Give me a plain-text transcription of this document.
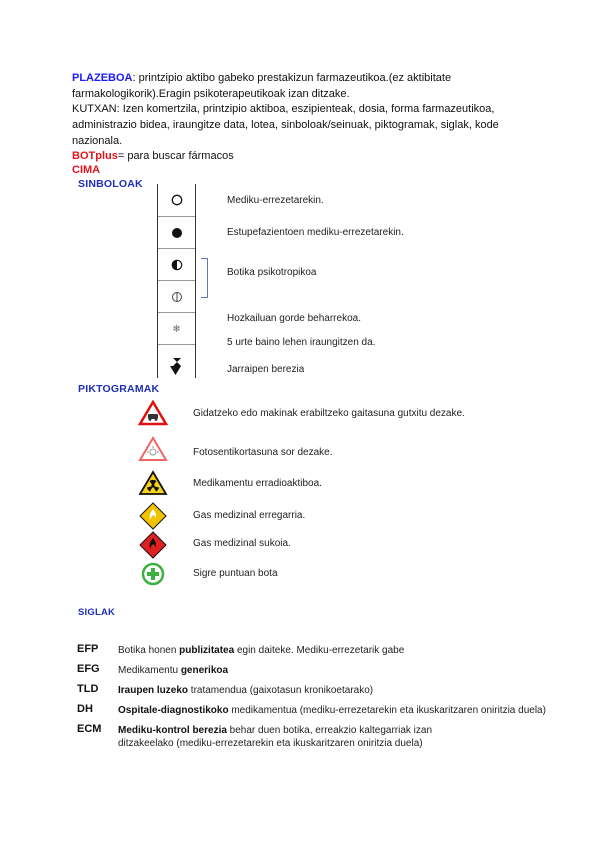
PLAZEBOA: printzipio aktibo gabeko prestakizun farmazeutikoa.(ez aktibitate farmakologikorik).Eragin psikoterapeutikoak izan ditzake.
KUTXAN: Izen komertzila, printzipio aktiboa, eszipienteak, dosia, forma farmazeutikoa, administrazio bidea, iraungitze data, lotea, sinboloak/seinuak, piktogramak, siglak, kode nazionala.
BOTplus= para buscar fármacos
CIMA
SINBOLOAK
❄
Mediku-errezetarekin.
Estupefazientoen mediku-errezetarekin.
Botika psikotropikoa
Hozkailuan gorde beharrekoa.
5 urte baino lehen iraungitzen da.
Jarraipen berezia
PIKTOGRAMAK
Gidatzeko edo makinak erabiltzeko gaitasuna gutxitu dezake.
Fotosentikortasuna sor dezake.
Medikamentu erradioaktiboa.
Gas medizinal erregarria.
Gas medizinal sukoia.
Sigre puntuan bota
SIGLAK
EFP Botika honen publizitatea egin daiteke. Mediku-errezetarik gabe
EFG Medikamentu generikoa
TLD Iraupen luzeko tratamendua (gaixotasun kronikoetarako)
DH	Ospitale-diagnostikoko medikamentua (mediku-errezetarekin eta ikuskaritzaren oniritzia duela)
ECM Mediku-kontrol berezia behar duen botika, erreakzio kaltegarriak izan ditzakeelako (mediku-errezetarekin eta ikuskaritzaren oniritzia duela)
